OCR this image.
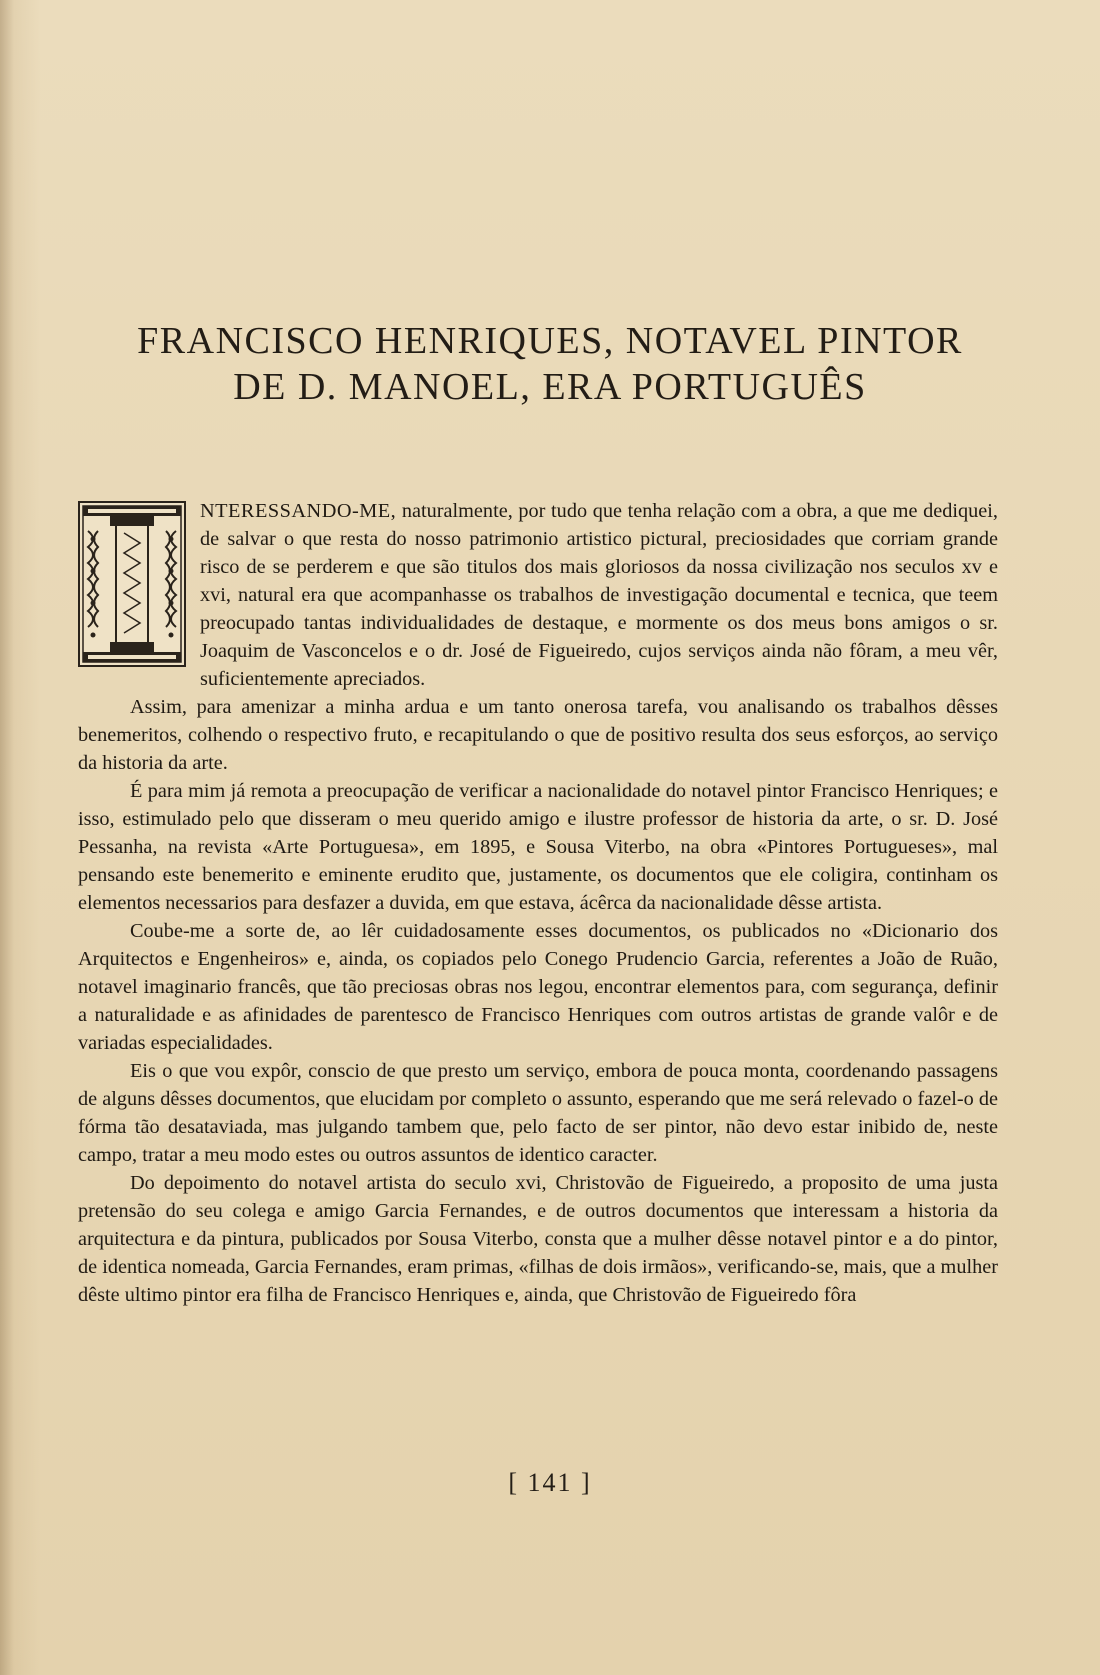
FRANCISCO HENRIQUES, NOTAVEL PINTOR
DE D. MANOEL, ERA PORTUGUÊS

NTERESSANDO-ME, naturalmente, por tudo que tenha relação com a obra, a que me dediquei, de salvar o que resta do nosso patrimonio artistico pictural, preciosidades que corriam grande risco de se perderem e que são titulos dos mais gloriosos da nossa civilização nos seculos xv e xvi, natural era que acompanhasse os trabalhos de investigação documental e tecnica, que teem preocupado tantas individualidades de destaque, e mormente os dos meus bons amigos o sr. Joaquim de Vasconcelos e o dr. José de Figueiredo, cujos serviços ainda não fôram, a meu vêr, suficientemente apreciados.

Assim, para amenizar a minha ardua e um tanto onerosa tarefa, vou analisando os trabalhos dêsses benemeritos, colhendo o respectivo fruto, e recapitulando o que de positivo resulta dos seus esforços, ao serviço da historia da arte.

É para mim já remota a preocupação de verificar a nacionalidade do notavel pintor Francisco Henriques; e isso, estimulado pelo que disseram o meu querido amigo e ilustre professor de historia da arte, o sr. D. José Pessanha, na revista «Arte Portuguesa», em 1895, e Sousa Viterbo, na obra «Pintores Portugueses», mal pensando este benemerito e eminente erudito que, justamente, os documentos que ele coligira, continham os elementos necessarios para desfazer a duvida, em que estava, ácêrca da nacionalidade dêsse artista.

Coube-me a sorte de, ao lêr cuidadosamente esses documentos, os publicados no «Dicionario dos Arquitectos e Engenheiros» e, ainda, os copiados pelo Conego Prudencio Garcia, referentes a João de Ruão, notavel imaginario francês, que tão preciosas obras nos legou, encontrar elementos para, com segurança, definir a naturalidade e as afinidades de parentesco de Francisco Henriques com outros artistas de grande valôr e de variadas especialidades.

Eis o que vou expôr, conscio de que presto um serviço, embora de pouca monta, coordenando passagens de alguns dêsses documentos, que elucidam por completo o assunto, esperando que me será relevado o fazel-o de fórma tão desataviada, mas julgando tambem que, pelo facto de ser pintor, não devo estar inibido de, neste campo, tratar a meu modo estes ou outros assuntos de identico caracter.

Do depoimento do notavel artista do seculo xvi, Christovão de Figueiredo, a proposito de uma justa pretensão do seu colega e amigo Garcia Fernandes, e de outros documentos que interessam a historia da arquitectura e da pintura, publicados por Sousa Viterbo, consta que a mulher dêsse notavel pintor e a do pintor, de identica nomeada, Garcia Fernandes, eram primas, «filhas de dois irmãos», verificando-se, mais, que a mulher dêste ultimo pintor era filha de Francisco Henriques e, ainda, que Christovão de Figueiredo fôra

[ 141 ]
